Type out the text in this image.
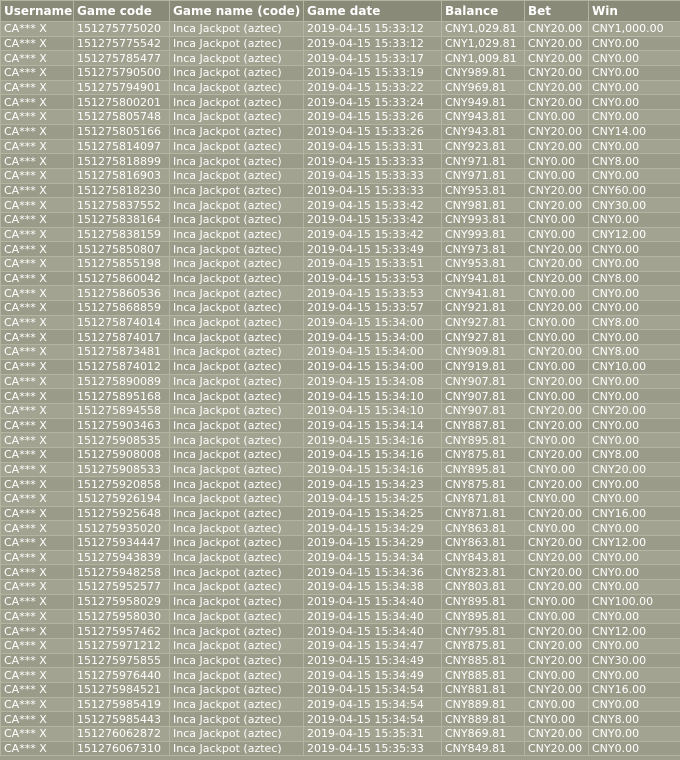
Username	Game code	Game name (code)	Game date	Balance	Bet	Win
CA*** X	151275775020	Inca Jackpot (aztec)	2019-04-15 15:33:12	CNY1,029.81	CNY20.00	CNY1,000.00
CA*** X	151275775542	Inca Jackpot (aztec)	2019-04-15 15:33:12	CNY1,029.81	CNY20.00	CNY0.00
CA*** X	151275785477	Inca Jackpot (aztec)	2019-04-15 15:33:17	CNY1,009.81	CNY20.00	CNY0.00
CA*** X	151275790500	Inca Jackpot (aztec)	2019-04-15 15:33:19	CNY989.81	CNY20.00	CNY0.00
CA*** X	151275794901	Inca Jackpot (aztec)	2019-04-15 15:33:22	CNY969.81	CNY20.00	CNY0.00
CA*** X	151275800201	Inca Jackpot (aztec)	2019-04-15 15:33:24	CNY949.81	CNY20.00	CNY0.00
CA*** X	151275805748	Inca Jackpot (aztec)	2019-04-15 15:33:26	CNY943.81	CNY0.00	CNY0.00
CA*** X	151275805166	Inca Jackpot (aztec)	2019-04-15 15:33:26	CNY943.81	CNY20.00	CNY14.00
CA*** X	151275814097	Inca Jackpot (aztec)	2019-04-15 15:33:31	CNY923.81	CNY20.00	CNY0.00
CA*** X	151275818899	Inca Jackpot (aztec)	2019-04-15 15:33:33	CNY971.81	CNY0.00	CNY8.00
CA*** X	151275816903	Inca Jackpot (aztec)	2019-04-15 15:33:33	CNY971.81	CNY0.00	CNY0.00
CA*** X	151275818230	Inca Jackpot (aztec)	2019-04-15 15:33:33	CNY953.81	CNY20.00	CNY60.00
CA*** X	151275837552	Inca Jackpot (aztec)	2019-04-15 15:33:42	CNY981.81	CNY20.00	CNY30.00
CA*** X	151275838164	Inca Jackpot (aztec)	2019-04-15 15:33:42	CNY993.81	CNY0.00	CNY0.00
CA*** X	151275838159	Inca Jackpot (aztec)	2019-04-15 15:33:42	CNY993.81	CNY0.00	CNY12.00
CA*** X	151275850807	Inca Jackpot (aztec)	2019-04-15 15:33:49	CNY973.81	CNY20.00	CNY0.00
CA*** X	151275855198	Inca Jackpot (aztec)	2019-04-15 15:33:51	CNY953.81	CNY20.00	CNY0.00
CA*** X	151275860042	Inca Jackpot (aztec)	2019-04-15 15:33:53	CNY941.81	CNY20.00	CNY8.00
CA*** X	151275860536	Inca Jackpot (aztec)	2019-04-15 15:33:53	CNY941.81	CNY0.00	CNY0.00
CA*** X	151275868859	Inca Jackpot (aztec)	2019-04-15 15:33:57	CNY921.81	CNY20.00	CNY0.00
CA*** X	151275874014	Inca Jackpot (aztec)	2019-04-15 15:34:00	CNY927.81	CNY0.00	CNY8.00
CA*** X	151275874017	Inca Jackpot (aztec)	2019-04-15 15:34:00	CNY927.81	CNY0.00	CNY0.00
CA*** X	151275873481	Inca Jackpot (aztec)	2019-04-15 15:34:00	CNY909.81	CNY20.00	CNY8.00
CA*** X	151275874012	Inca Jackpot (aztec)	2019-04-15 15:34:00	CNY919.81	CNY0.00	CNY10.00
CA*** X	151275890089	Inca Jackpot (aztec)	2019-04-15 15:34:08	CNY907.81	CNY20.00	CNY0.00
CA*** X	151275895168	Inca Jackpot (aztec)	2019-04-15 15:34:10	CNY907.81	CNY0.00	CNY0.00
CA*** X	151275894558	Inca Jackpot (aztec)	2019-04-15 15:34:10	CNY907.81	CNY20.00	CNY20.00
CA*** X	151275903463	Inca Jackpot (aztec)	2019-04-15 15:34:14	CNY887.81	CNY20.00	CNY0.00
CA*** X	151275908535	Inca Jackpot (aztec)	2019-04-15 15:34:16	CNY895.81	CNY0.00	CNY0.00
CA*** X	151275908008	Inca Jackpot (aztec)	2019-04-15 15:34:16	CNY875.81	CNY20.00	CNY8.00
CA*** X	151275908533	Inca Jackpot (aztec)	2019-04-15 15:34:16	CNY895.81	CNY0.00	CNY20.00
CA*** X	151275920858	Inca Jackpot (aztec)	2019-04-15 15:34:23	CNY875.81	CNY20.00	CNY0.00
CA*** X	151275926194	Inca Jackpot (aztec)	2019-04-15 15:34:25	CNY871.81	CNY0.00	CNY0.00
CA*** X	151275925648	Inca Jackpot (aztec)	2019-04-15 15:34:25	CNY871.81	CNY20.00	CNY16.00
CA*** X	151275935020	Inca Jackpot (aztec)	2019-04-15 15:34:29	CNY863.81	CNY0.00	CNY0.00
CA*** X	151275934447	Inca Jackpot (aztec)	2019-04-15 15:34:29	CNY863.81	CNY20.00	CNY12.00
CA*** X	151275943839	Inca Jackpot (aztec)	2019-04-15 15:34:34	CNY843.81	CNY20.00	CNY0.00
CA*** X	151275948258	Inca Jackpot (aztec)	2019-04-15 15:34:36	CNY823.81	CNY20.00	CNY0.00
CA*** X	151275952577	Inca Jackpot (aztec)	2019-04-15 15:34:38	CNY803.81	CNY20.00	CNY0.00
CA*** X	151275958029	Inca Jackpot (aztec)	2019-04-15 15:34:40	CNY895.81	CNY0.00	CNY100.00
CA*** X	151275958030	Inca Jackpot (aztec)	2019-04-15 15:34:40	CNY895.81	CNY0.00	CNY0.00
CA*** X	151275957462	Inca Jackpot (aztec)	2019-04-15 15:34:40	CNY795.81	CNY20.00	CNY12.00
CA*** X	151275971212	Inca Jackpot (aztec)	2019-04-15 15:34:47	CNY875.81	CNY20.00	CNY0.00
CA*** X	151275975855	Inca Jackpot (aztec)	2019-04-15 15:34:49	CNY885.81	CNY20.00	CNY30.00
CA*** X	151275976440	Inca Jackpot (aztec)	2019-04-15 15:34:49	CNY885.81	CNY0.00	CNY0.00
CA*** X	151275984521	Inca Jackpot (aztec)	2019-04-15 15:34:54	CNY881.81	CNY20.00	CNY16.00
CA*** X	151275985419	Inca Jackpot (aztec)	2019-04-15 15:34:54	CNY889.81	CNY0.00	CNY0.00
CA*** X	151275985443	Inca Jackpot (aztec)	2019-04-15 15:34:54	CNY889.81	CNY0.00	CNY8.00
CA*** X	151276062872	Inca Jackpot (aztec)	2019-04-15 15:35:31	CNY869.81	CNY20.00	CNY0.00
CA*** X	151276067310	Inca Jackpot (aztec)	2019-04-15 15:35:33	CNY849.81	CNY20.00	CNY0.00
